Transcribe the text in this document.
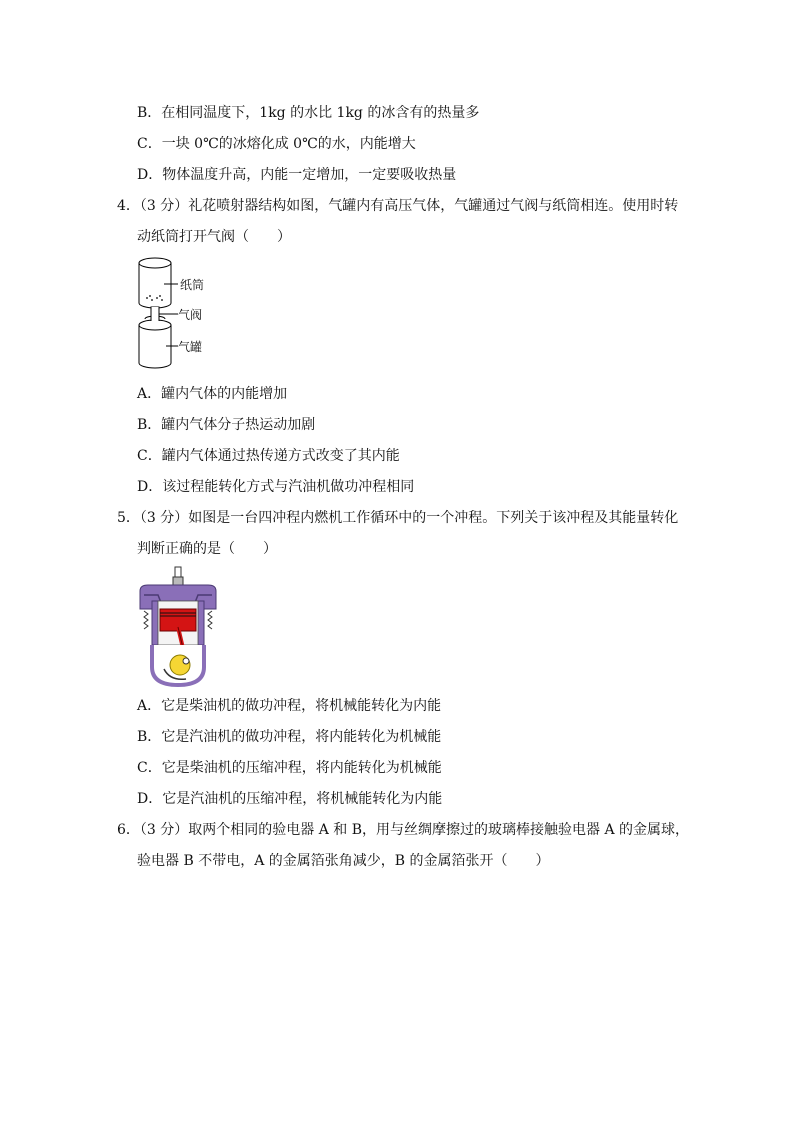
B．在相同温度下，1kg 的水比 1kg 的冰含有的热量多
C．一块 0℃的冰熔化成 0℃的水，内能增大
D．物体温度升高，内能一定增加，一定要吸收热量
4．（3 分）礼花喷射器结构如图，气罐内有高压气体，气罐通过气阀与纸筒相连。使用时转
动纸筒打开气阀（　　）
纸筒
气阀
气罐
A．罐内气体的内能增加
B．罐内气体分子热运动加剧
C．罐内气体通过热传递方式改变了其内能
D．该过程能转化方式与汽油机做功冲程相同
5．（3 分）如图是一台四冲程内燃机工作循环中的一个冲程。下列关于该冲程及其能量转化
判断正确的是（　　）
A．它是柴油机的做功冲程，将机械能转化为内能
B．它是汽油机的做功冲程，将内能转化为机械能
C．它是柴油机的压缩冲程，将内能转化为机械能
D．它是汽油机的压缩冲程，将机械能转化为内能
6．（3 分）取两个相同的验电器 A 和 B，用与丝绸摩擦过的玻璃棒接触验电器 A 的金属球，
验电器 B 不带电，A 的金属箔张角减少，B 的金属箔张开（　　）
